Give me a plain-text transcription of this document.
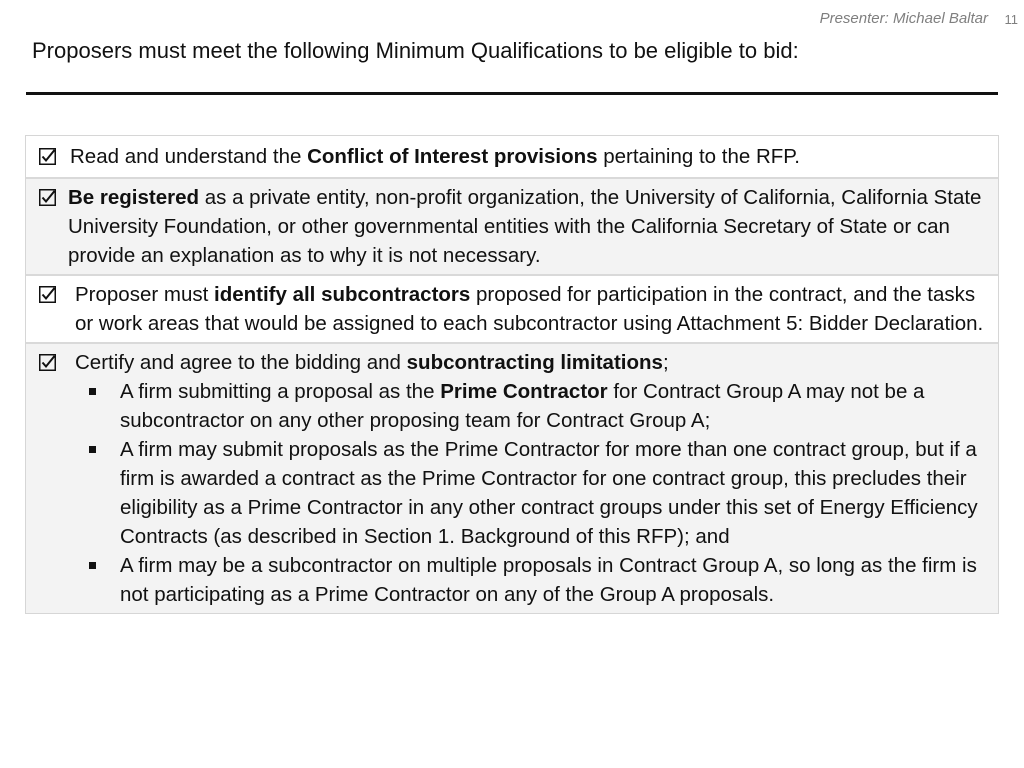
Presenter: Michael Baltar 11
Proposers must meet the following Minimum Qualifications to be eligible to bid:
Read and understand the Conflict of Interest provisions pertaining to the RFP.
Be registered as a private entity, non-profit organization, the University of California, California State University Foundation, or other governmental entities with the California Secretary of State or can provide an explanation as to why it is not necessary.
Proposer must identify all subcontractors proposed for participation in the contract, and the tasks or work areas that would be assigned to each subcontractor using Attachment 5: Bidder Declaration.
Certify and agree to the bidding and subcontracting limitations;
A firm submitting a proposal as the Prime Contractor for Contract Group A may not be a subcontractor on any other proposing team for Contract Group A;
A firm may submit proposals as the Prime Contractor for more than one contract group, but if a firm is awarded a contract as the Prime Contractor for one contract group, this precludes their eligibility as a Prime Contractor in any other contract groups under this set of Energy Efficiency Contracts (as described in Section 1. Background of this RFP); and
A firm may be a subcontractor on multiple proposals in Contract Group A, so long as the firm is not participating as a Prime Contractor on any of the Group A proposals.
